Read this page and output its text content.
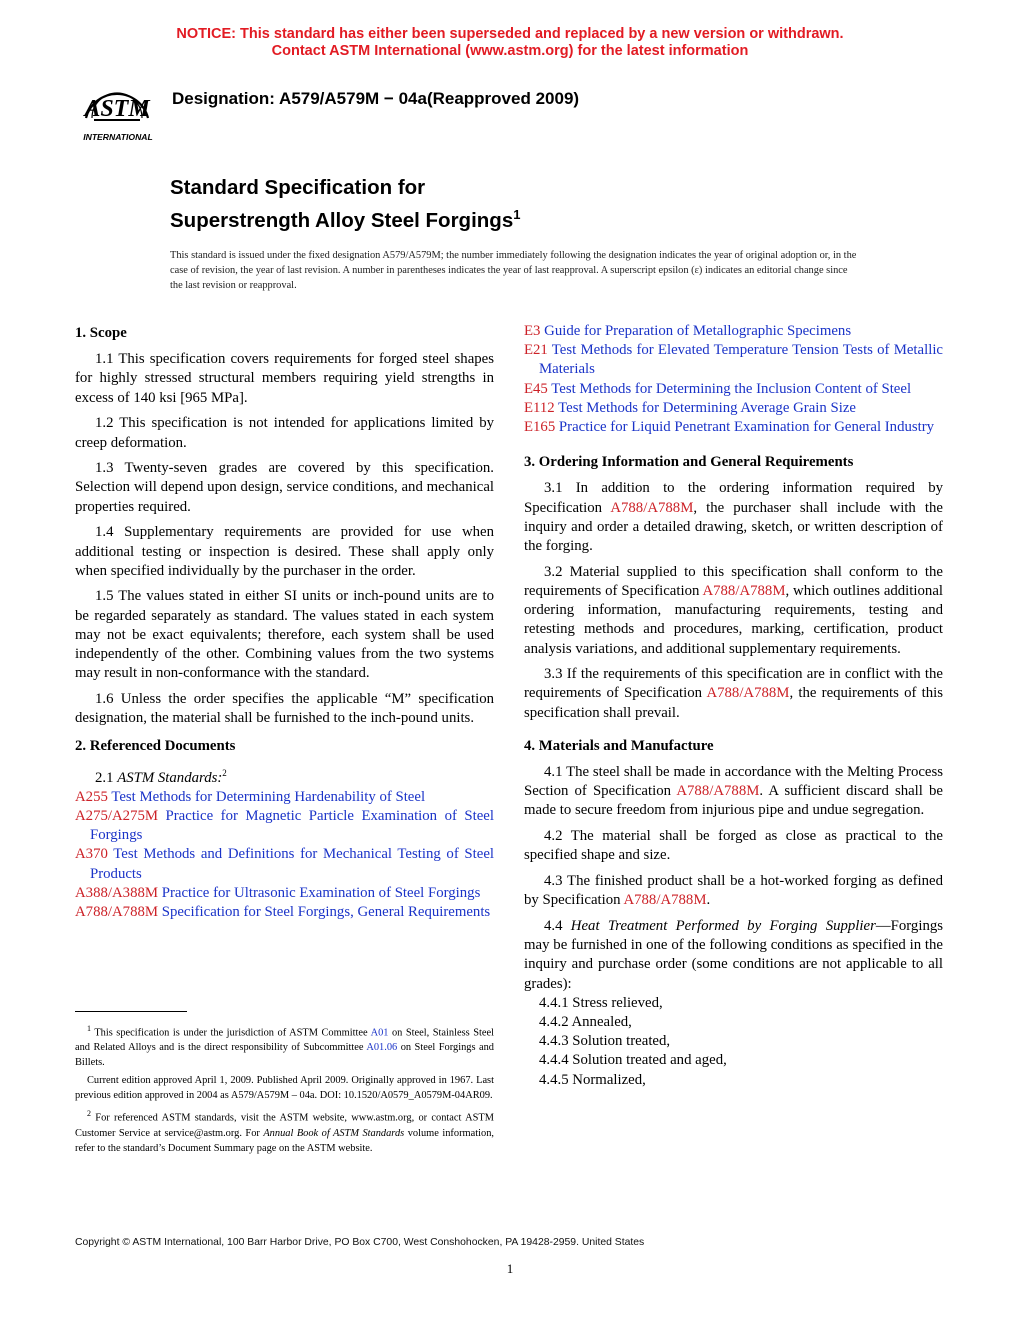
NOTICE: This standard has either been superseded and replaced by a new version or withdrawn.
Contact ASTM International (www.astm.org) for the latest information
ASTM
INTERNATIONAL
Designation: A579/A579M − 04a(Reapproved 2009)
Standard Specification for
Superstrength Alloy Steel Forgings$^1$
This standard is issued under the fixed designation A579/A579M; the number immediately following the designation indicates the year of original adoption or, in the case of revision, the year of last revision. A number in parentheses indicates the year of last reapproval. A superscript epsilon (ε) indicates an editorial change since the last revision or reapproval.
1. Scope

1.1 This specification covers requirements for forged steel shapes for highly stressed structural members requiring yield strengths in excess of 140 ksi [965 MPa].

1.2 This specification is not intended for applications limited by creep deformation.

1.3 Twenty-seven grades are covered by this specification. Selection will depend upon design, service conditions, and mechanical properties required.

1.4 Supplementary requirements are provided for use when additional testing or inspection is desired. These shall apply only when specified individually by the purchaser in the order.

1.5 The values stated in either SI units or inch-pound units are to be regarded separately as standard. The values stated in each system may not be exact equivalents; therefore, each system shall be used independently of the other. Combining values from the two systems may result in non-conformance with the standard.

1.6 Unless the order specifies the applicable “M” specification designation, the material shall be furnished to the inch-pound units.

2. Referenced Documents

2.1 ASTM Standards:$^2$

A255 Test Methods for Determining Hardenability of Steel
A275/A275M Practice for Magnetic Particle Examination of Steel Forgings
A370 Test Methods and Definitions for Mechanical Testing of Steel Products
A388/A388M Practice for Ultrasonic Examination of Steel Forgings
A788/A788M Specification for Steel Forgings, General Requirements
E3 Guide for Preparation of Metallographic Specimens
E21 Test Methods for Elevated Temperature Tension Tests of Metallic Materials
E45 Test Methods for Determining the Inclusion Content of Steel
E112 Test Methods for Determining Average Grain Size
E165 Practice for Liquid Penetrant Examination for General Industry
3. Ordering Information and General Requirements

3.1 In addition to the ordering information required by Specification A788/A788M, the purchaser shall include with the inquiry and order a detailed drawing, sketch, or written description of the forging.

3.2 Material supplied to this specification shall conform to the requirements of Specification A788/A788M, which outlines additional ordering information, manufacturing requirements, testing and retesting methods and procedures, marking, certification, product analysis variations, and additional supplementary requirements.

3.3 If the requirements of this specification are in conflict with the requirements of Specification A788/A788M, the requirements of this specification shall prevail.

4. Materials and Manufacture

4.1 The steel shall be made in accordance with the Melting Process Section of Specification A788/A788M. A sufficient discard shall be made to secure freedom from injurious pipe and undue segregation.

4.2 The material shall be forged as close as practical to the specified shape and size.

4.3 The finished product shall be a hot-worked forging as defined by Specification A788/A788M.

4.4 Heat Treatment Performed by Forging Supplier—Forgings may be furnished in one of the following conditions as specified in the inquiry and purchase order (some conditions are not applicable to all grades):

4.4.1 Stress relieved,

4.4.2 Annealed,

4.4.3 Solution treated,

4.4.4 Solution treated and aged,

4.4.5 Normalized,

$^1$ This specification is under the jurisdiction of ASTM Committee A01 on Steel, Stainless Steel and Related Alloys and is the direct responsibility of Subcommittee A01.06 on Steel Forgings and Billets.

Current edition approved April 1, 2009. Published April 2009. Originally approved in 1967. Last previous edition approved in 2004 as A579/A579M – 04a. DOI: 10.1520/A0579_A0579M-04AR09.

$^2$ For referenced ASTM standards, visit the ASTM website, www.astm.org, or contact ASTM Customer Service at service@astm.org. For Annual Book of ASTM Standards volume information, refer to the standard’s Document Summary page on the ASTM website.

Copyright © ASTM International, 100 Barr Harbor Drive, PO Box C700, West Conshohocken, PA 19428-2959. United States
1
